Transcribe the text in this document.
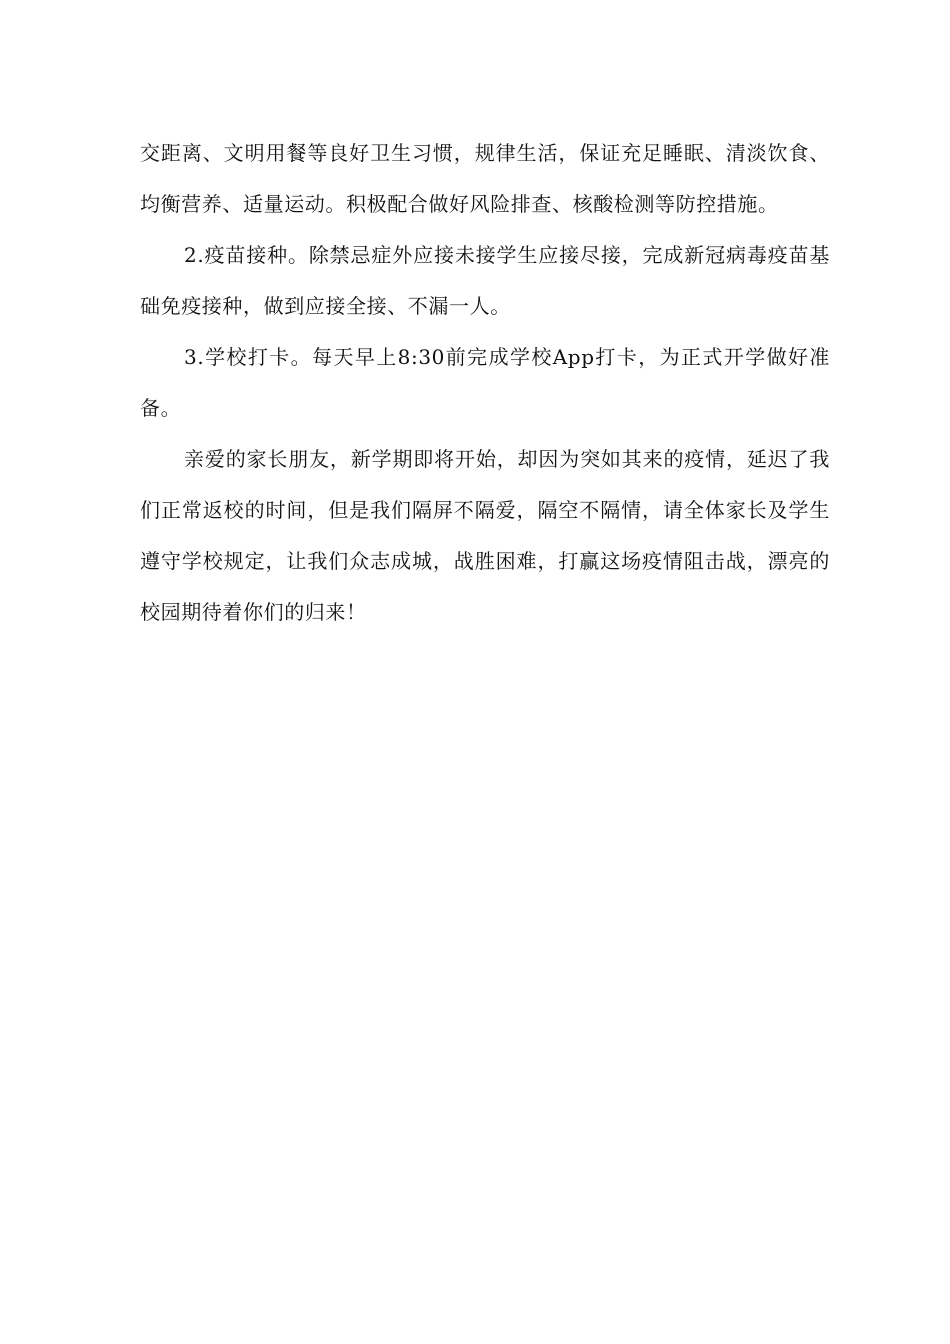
交距离、文明用餐等良好卫生习惯，规律生活，保证充足睡眠、清淡饮食、均衡营养、适量运动。积极配合做好风险排查、核酸检测等防控措施。

2.疫苗接种。除禁忌症外应接未接学生应接尽接，完成新冠病毒疫苗基础免疫接种，做到应接全接、不漏一人。

3.学校打卡。每天早上8:30前完成学校App打卡，为正式开学做好准备。

亲爱的家长朋友，新学期即将开始，却因为突如其来的疫情，延迟了我们正常返校的时间，但是我们隔屏不隔爱，隔空不隔情，请全体家长及学生遵守学校规定，让我们众志成城，战胜困难，打赢这场疫情阻击战，漂亮的校园期待着你们的归来！
